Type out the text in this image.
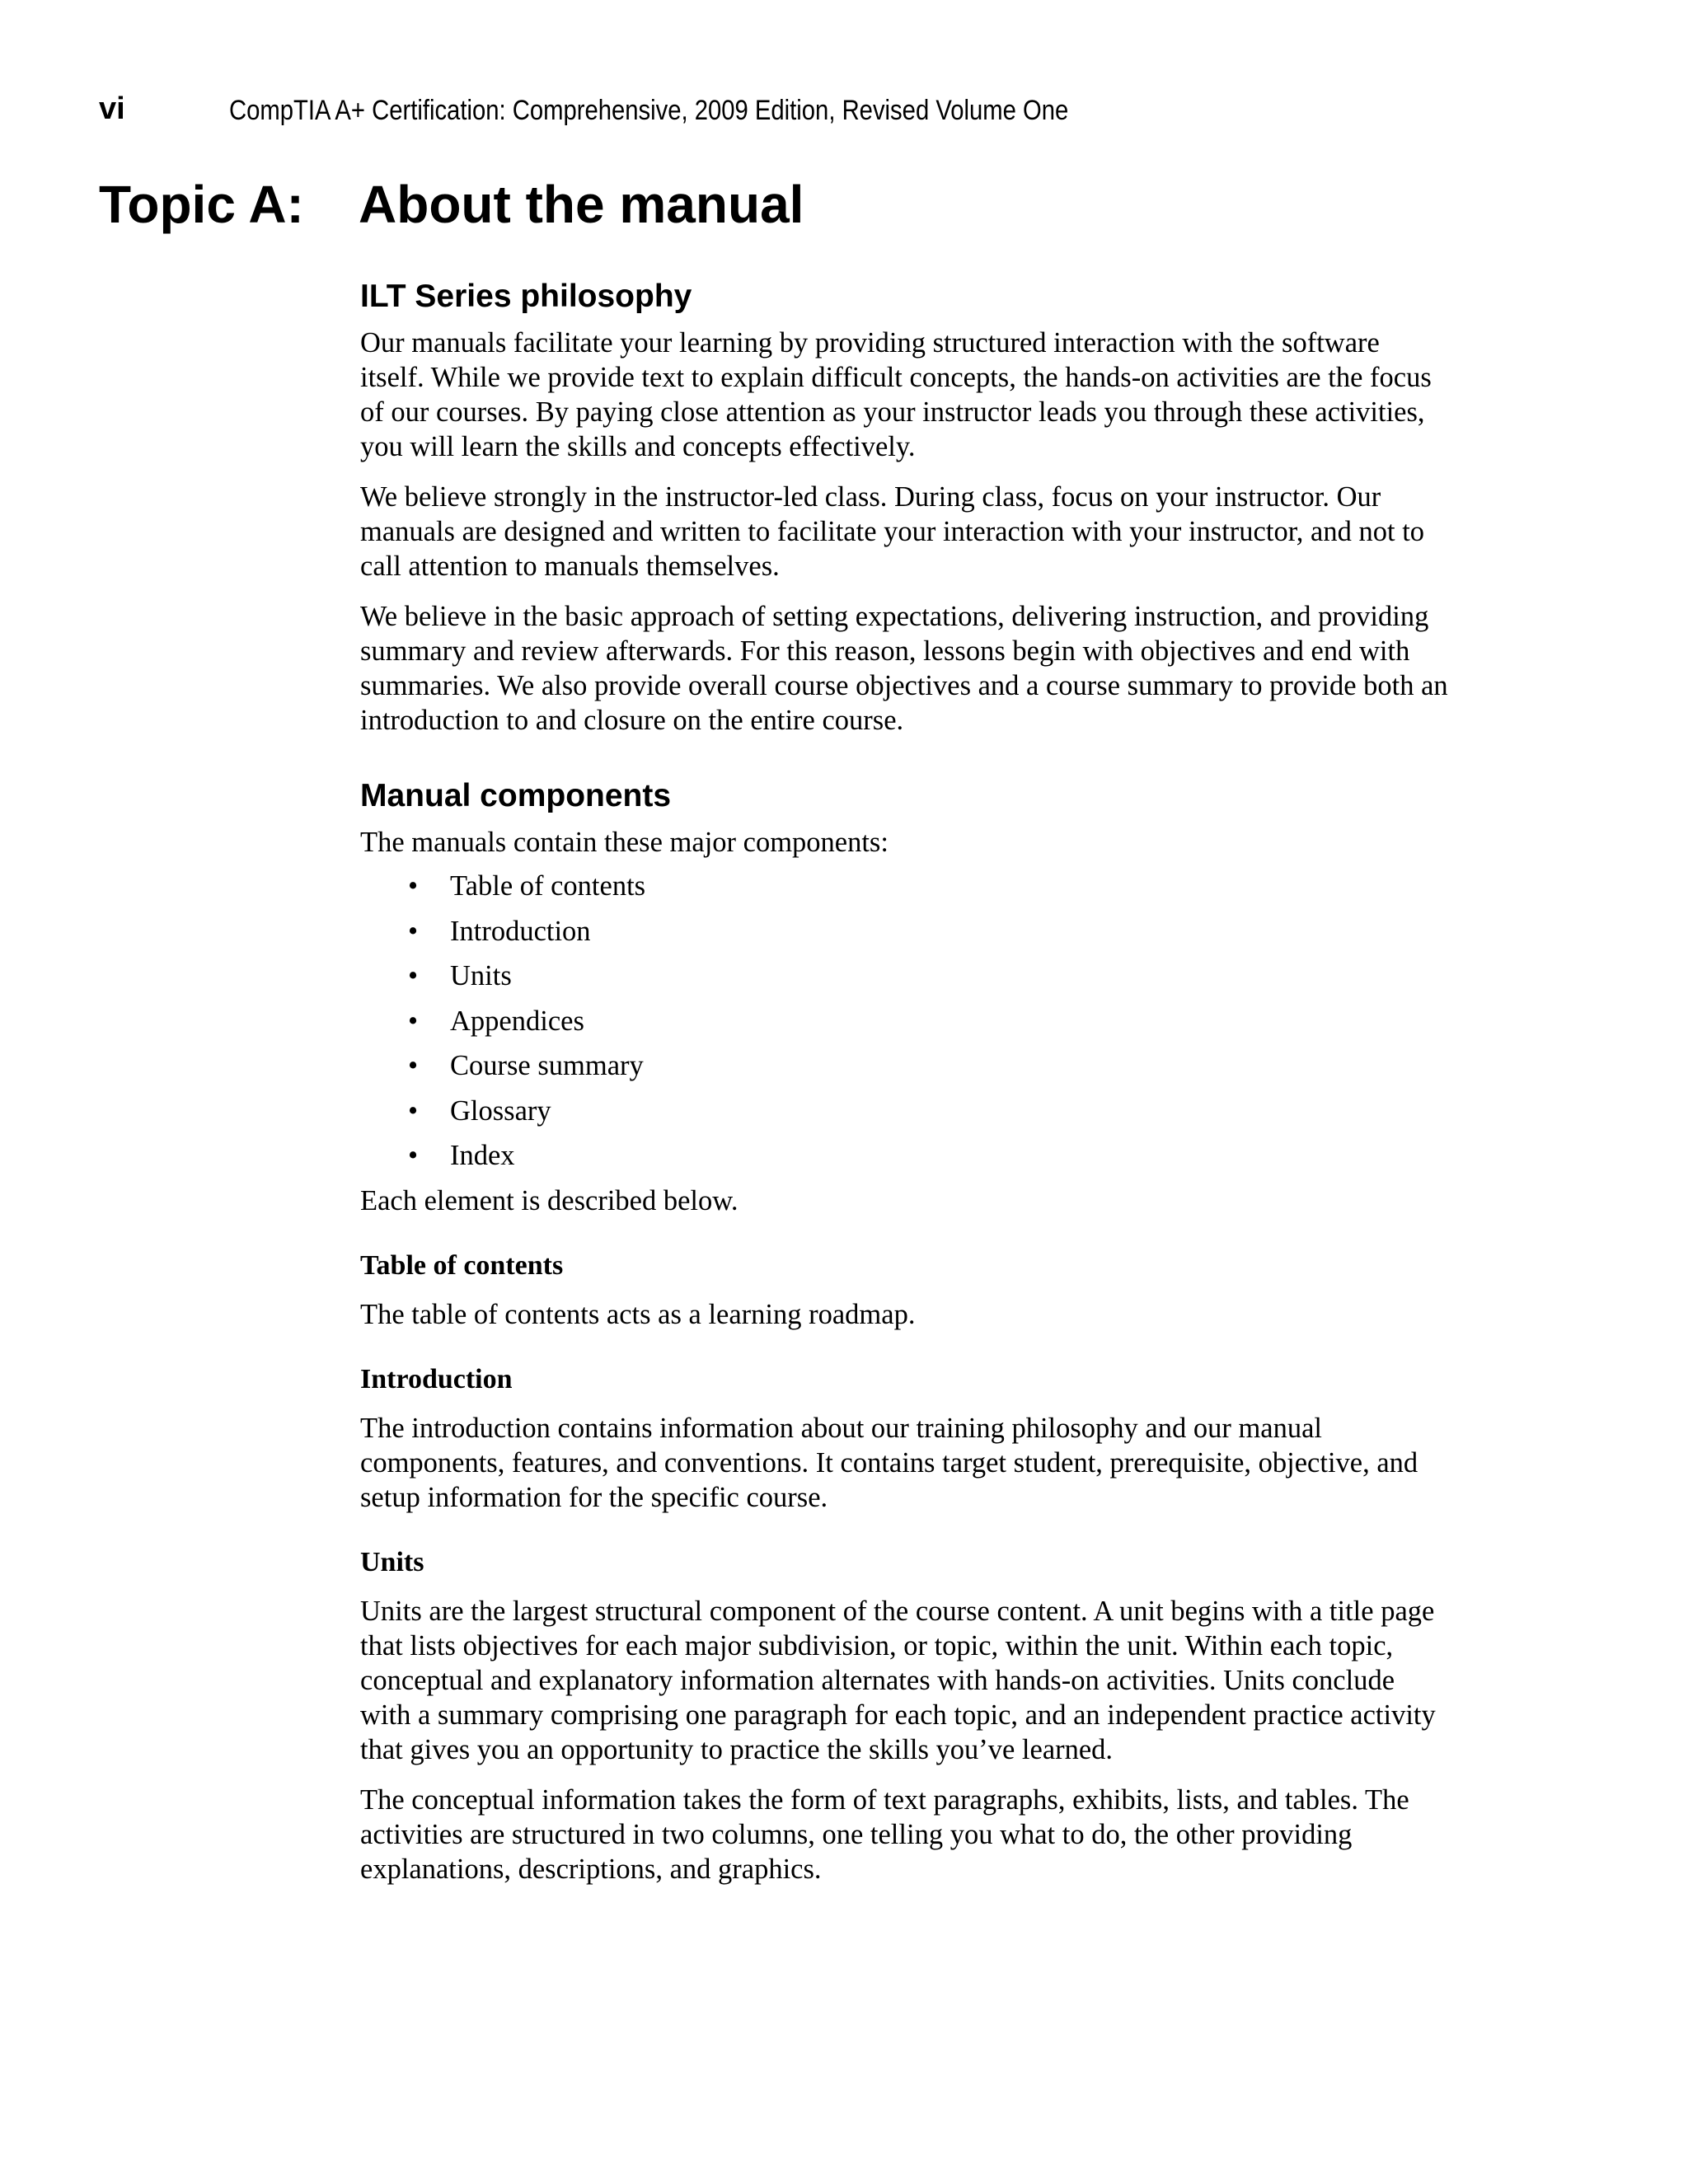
vi	CompTIA A+ Certification: Comprehensive, 2009 Edition, Revised Volume One
Topic A: About the manual
ILT Series philosophy

Our manuals facilitate your learning by providing structured interaction with the software itself. While we provide text to explain difficult concepts, the hands-on activities are the focus of our courses. By paying close attention as your instructor leads you through these activities, you will learn the skills and concepts effectively.

We believe strongly in the instructor-led class. During class, focus on your instructor. Our manuals are designed and written to facilitate your interaction with your instructor, and not to call attention to manuals themselves.

We believe in the basic approach of setting expectations, delivering instruction, and providing summary and review afterwards. For this reason, lessons begin with objectives and end with summaries. We also provide overall course objectives and a course summary to provide both an introduction to and closure on the entire course.

Manual components

The manuals contain these major components:

• Table of contents
• Introduction
• Units
• Appendices
• Course summary
• Glossary
• Index

Each element is described below.

Table of contents

The table of contents acts as a learning roadmap.

Introduction

The introduction contains information about our training philosophy and our manual components, features, and conventions. It contains target student, prerequisite, objective, and setup information for the specific course.

Units

Units are the largest structural component of the course content. A unit begins with a title page that lists objectives for each major subdivision, or topic, within the unit. Within each topic, conceptual and explanatory information alternates with hands-on activities. Units conclude with a summary comprising one paragraph for each topic, and an independent practice activity that gives you an opportunity to practice the skills you’ve learned.

The conceptual information takes the form of text paragraphs, exhibits, lists, and tables. The activities are structured in two columns, one telling you what to do, the other providing explanations, descriptions, and graphics.
